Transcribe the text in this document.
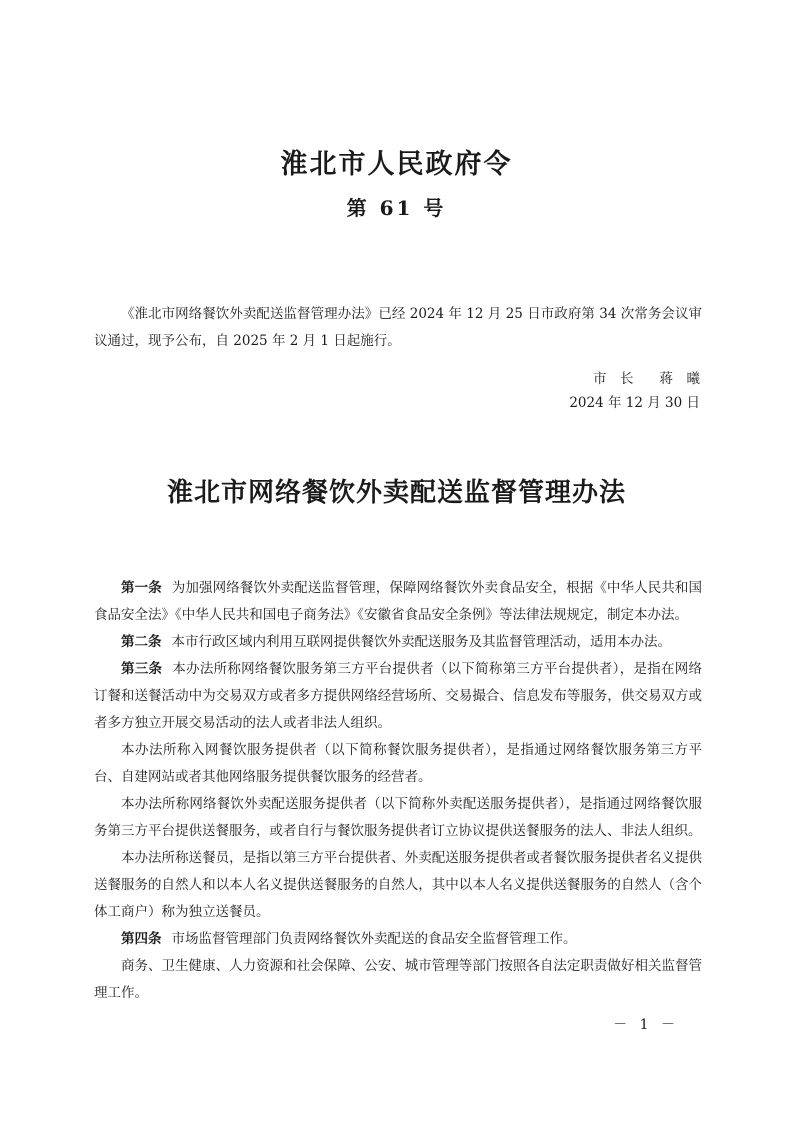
淮北市人民政府令
第 61 号

《淮北市网络餐饮外卖配送监督管理办法》已经 2024 年 12 月 25 日市政府第 34 次常务会议审议通过，现予公布，自 2025 年 2 月 1 日起施行。

市　长 蒋　曦
2024 年 12 月 30 日
淮北市网络餐饮外卖配送监督管理办法

第一条 为加强网络餐饮外卖配送监督管理，保障网络餐饮外卖食品安全，根据《中华人民共和国食品安全法》《中华人民共和国电子商务法》《安徽省食品安全条例》等法律法规规定，制定本办法。

第二条 本市行政区域内利用互联网提供餐饮外卖配送服务及其监督管理活动，适用本办法。

第三条 本办法所称网络餐饮服务第三方平台提供者（以下简称第三方平台提供者），是指在网络订餐和送餐活动中为交易双方或者多方提供网络经营场所、交易撮合、信息发布等服务，供交易双方或者多方独立开展交易活动的法人或者非法人组织。

本办法所称入网餐饮服务提供者（以下简称餐饮服务提供者），是指通过网络餐饮服务第三方平台、自建网站或者其他网络服务提供餐饮服务的经营者。

本办法所称网络餐饮外卖配送服务提供者（以下简称外卖配送服务提供者），是指通过网络餐饮服务第三方平台提供送餐服务，或者自行与餐饮服务提供者订立协议提供送餐服务的法人、非法人组织。

本办法所称送餐员，是指以第三方平台提供者、外卖配送服务提供者或者餐饮服务提供者名义提供送餐服务的自然人和以本人名义提供送餐服务的自然人，其中以本人名义提供送餐服务的自然人（含个体工商户）称为独立送餐员。

第四条 市场监督管理部门负责网络餐饮外卖配送的食品安全监督管理工作。

商务、卫生健康、人力资源和社会保障、公安、城市管理等部门按照各自法定职责做好相关监督管理工作。

－ 1 －
